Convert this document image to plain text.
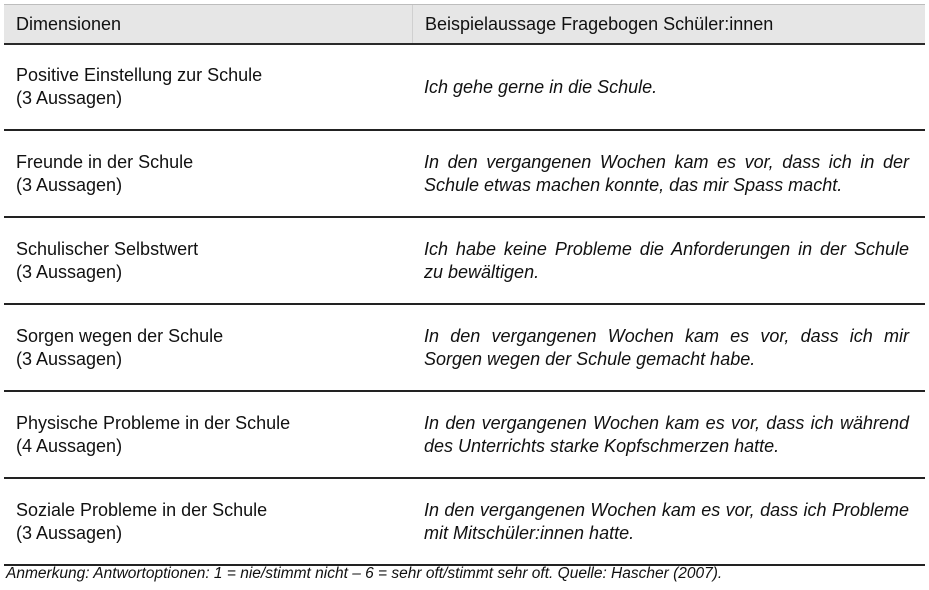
Dimensionen	Beispielaussage Fragebogen Schüler:innen
Positive Einstellung zur Schule
(3 Aussagen)
Ich gehe gerne in die Schule.
Freunde in der Schule
(3 Aussagen)
In den vergangenen Wochen kam es vor, dass ich in der Schule etwas machen konnte, das mir Spass macht.
Schulischer Selbstwert
(3 Aussagen)
Ich habe keine Probleme die Anforderungen in der Schule zu bewältigen.
Sorgen wegen der Schule
(3 Aussagen)
In den vergangenen Wochen kam es vor, dass ich mir Sorgen wegen der Schule gemacht habe.
Physische Probleme in der Schule
(4 Aussagen)
In den vergangenen Wochen kam es vor, dass ich während des Unterrichts starke Kopfschmerzen hatte.
Soziale Probleme in der Schule
(3 Aussagen)
In den vergangenen Wochen kam es vor, dass ich Probleme mit Mitschüler:innen hatte.
Anmerkung: Antwortoptionen: 1 = nie/stimmt nicht – 6 = sehr oft/stimmt sehr oft. Quelle: Hascher (2007).
